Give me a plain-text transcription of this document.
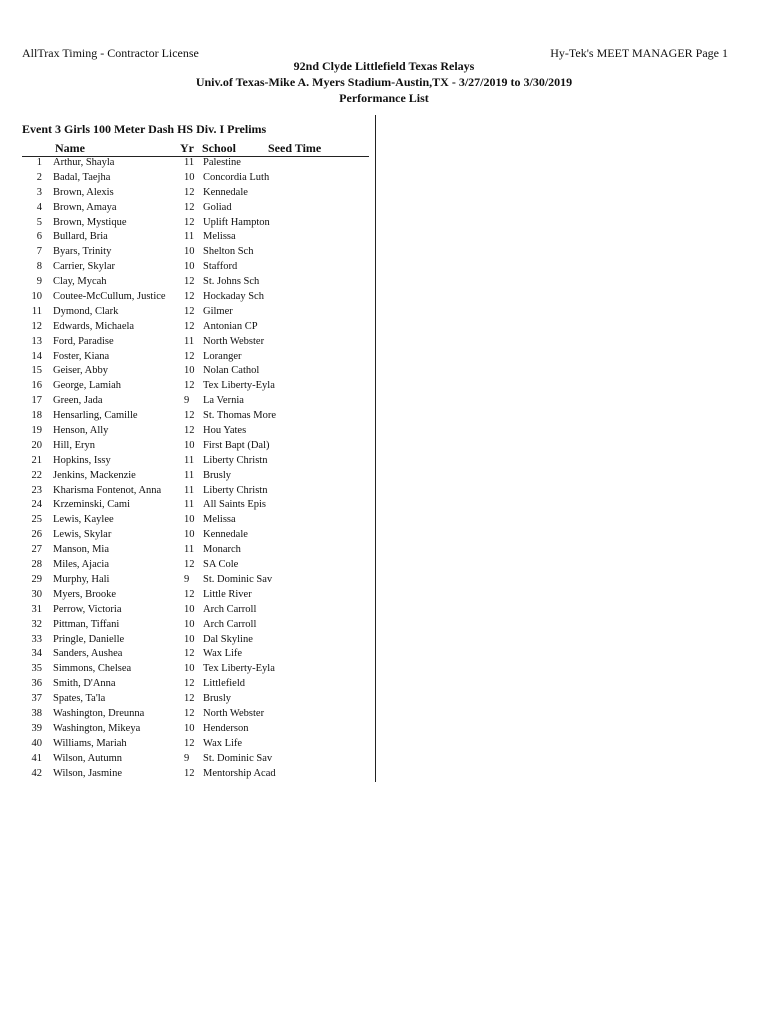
AllTrax Timing - Contractor License	Hy-Tek's MEET MANAGER Page 1
92nd Clyde Littlefield Texas Relays
Univ.of Texas-Mike A. Myers Stadium-Austin,TX - 3/27/2019 to 3/30/2019
Performance List
Event 3 Girls 100 Meter Dash HS Div. I Prelims
Name	Yr School	Seed Time
1 Arthur, Shayla	11 Palestine
2 Badal, Taejha	10 Concordia Luth
3 Brown, Alexis	12 Kennedale
4 Brown, Amaya	12 Goliad
5 Brown, Mystique	12 Uplift Hampton
6 Bullard, Bria	11 Melissa
7 Byars, Trinity	10 Shelton Sch
8 Carrier, Skylar	10 Stafford
9 Clay, Mycah	12 St. Johns Sch
10 Coutee-McCullum, Justice	12 Hockaday Sch
11 Dymond, Clark	12 Gilmer
12 Edwards, Michaela	12 Antonian CP
13 Ford, Paradise	11 North Webster
14 Foster, Kiana	12 Loranger
15 Geiser, Abby	10 Nolan Cathol
16 George, Lamiah	12 Tex Liberty-Eyla
17 Green, Jada	9 La Vernia
18 Hensarling, Camille	12 St. Thomas More
19 Henson, Ally	12 Hou Yates
20 Hill, Eryn	10 First Bapt (Dal)
21 Hopkins, Issy	11 Liberty Christn
22 Jenkins, Mackenzie	11 Brusly
23 Kharisma Fontenot, Anna	11 Liberty Christn
24 Krzeminski, Cami	11 All Saints Epis
25 Lewis, Kaylee	10 Melissa
26 Lewis, Skylar	10 Kennedale
27 Manson, Mia	11 Monarch
28 Miles, Ajacia	12 SA Cole
29 Murphy, Hali	9 St. Dominic Sav
30 Myers, Brooke	12 Little River
31 Perrow, Victoria	10 Arch Carroll
32 Pittman, Tiffani	10 Arch Carroll
33 Pringle, Danielle	10 Dal Skyline
34 Sanders, Aushea	12 Wax Life
35 Simmons, Chelsea	10 Tex Liberty-Eyla
36 Smith, D'Anna	12 Littlefield
37 Spates, Ta'la	12 Brusly
38 Washington, Dreunna	12 North Webster
39 Washington, Mikeya	10 Henderson
40 Williams, Mariah	12 Wax Life
41 Wilson, Autumn	9 St. Dominic Sav
42 Wilson, Jasmine	12 Mentorship Acad
